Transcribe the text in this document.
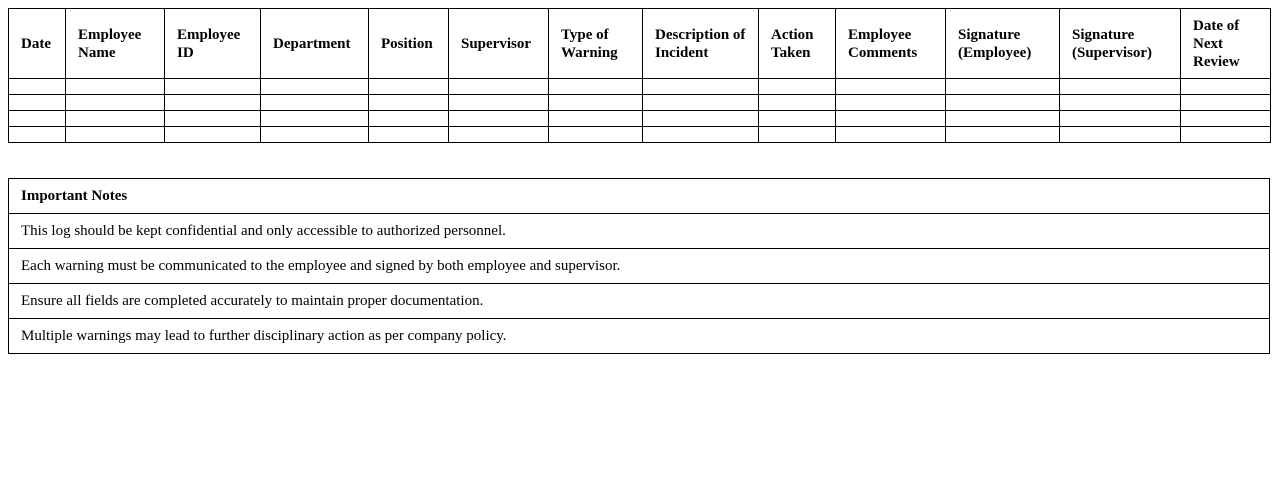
Date	Employee Name	Employee ID	Department	Position	Supervisor	Type of Warning	Description of Incident	Action Taken	Employee Comments	Signature (Employee)	Signature (Supervisor)	Date of Next Review

Important Notes
This log should be kept confidential and only accessible to authorized personnel.
Each warning must be communicated to the employee and signed by both employee and supervisor.
Ensure all fields are completed accurately to maintain proper documentation.
Multiple warnings may lead to further disciplinary action as per company policy.
